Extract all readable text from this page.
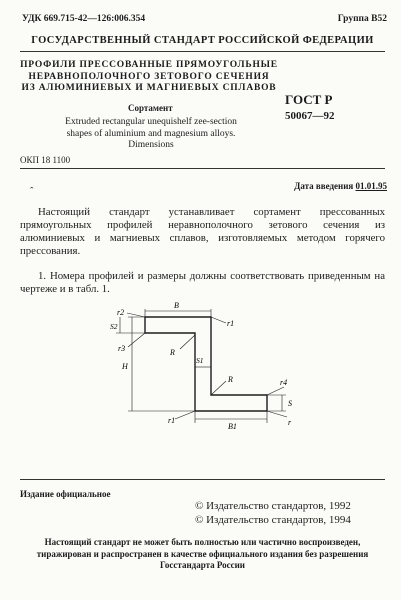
УДК 669.715-42—126:006.354	Группа В52
ГОСУДАРСТВЕННЫЙ СТАНДАРТ РОССИЙСКОЙ ФЕДЕРАЦИИ
ПРОФИЛИ ПРЕССОВАННЫЕ ПРЯМОУГОЛЬНЫЕ
НЕРАВНОПОЛОЧНОГО ЗЕТОВОГО СЕЧЕНИЯ
ИЗ АЛЮМИНИЕВЫХ И МАГНИЕВЫХ СПЛАВОВ
Сортамент
Extruded rectangular unequishelf zee-section
shapes of aluminium and magnesium alloys.
Dimensions
ГОСТ Р
50067—92
ОКП 18 1100
ꞈ	Дата введения 01.01.95
Настоящий стандарт устанавливает сортамент прессованных прямоугольных профилей неравнополочного зетового сечения из алюминиевых и магниевых сплавов, изготовляемых методом горячего прессования.
1. Номера профилей и размеры должны соответствовать приведенным на чертеже и в табл. 1.
r2
r1
B
S2
r3	R
H
S1
R	r4
S
r1
B1	r
Издание официальное
© Издательство стандартов, 1992
© Издательство стандартов, 1994
Настоящий стандарт не может быть полностью или частично воспроизведен,
тиражирован и распространен в качестве официального издания без разрешения
Госстандарта России
